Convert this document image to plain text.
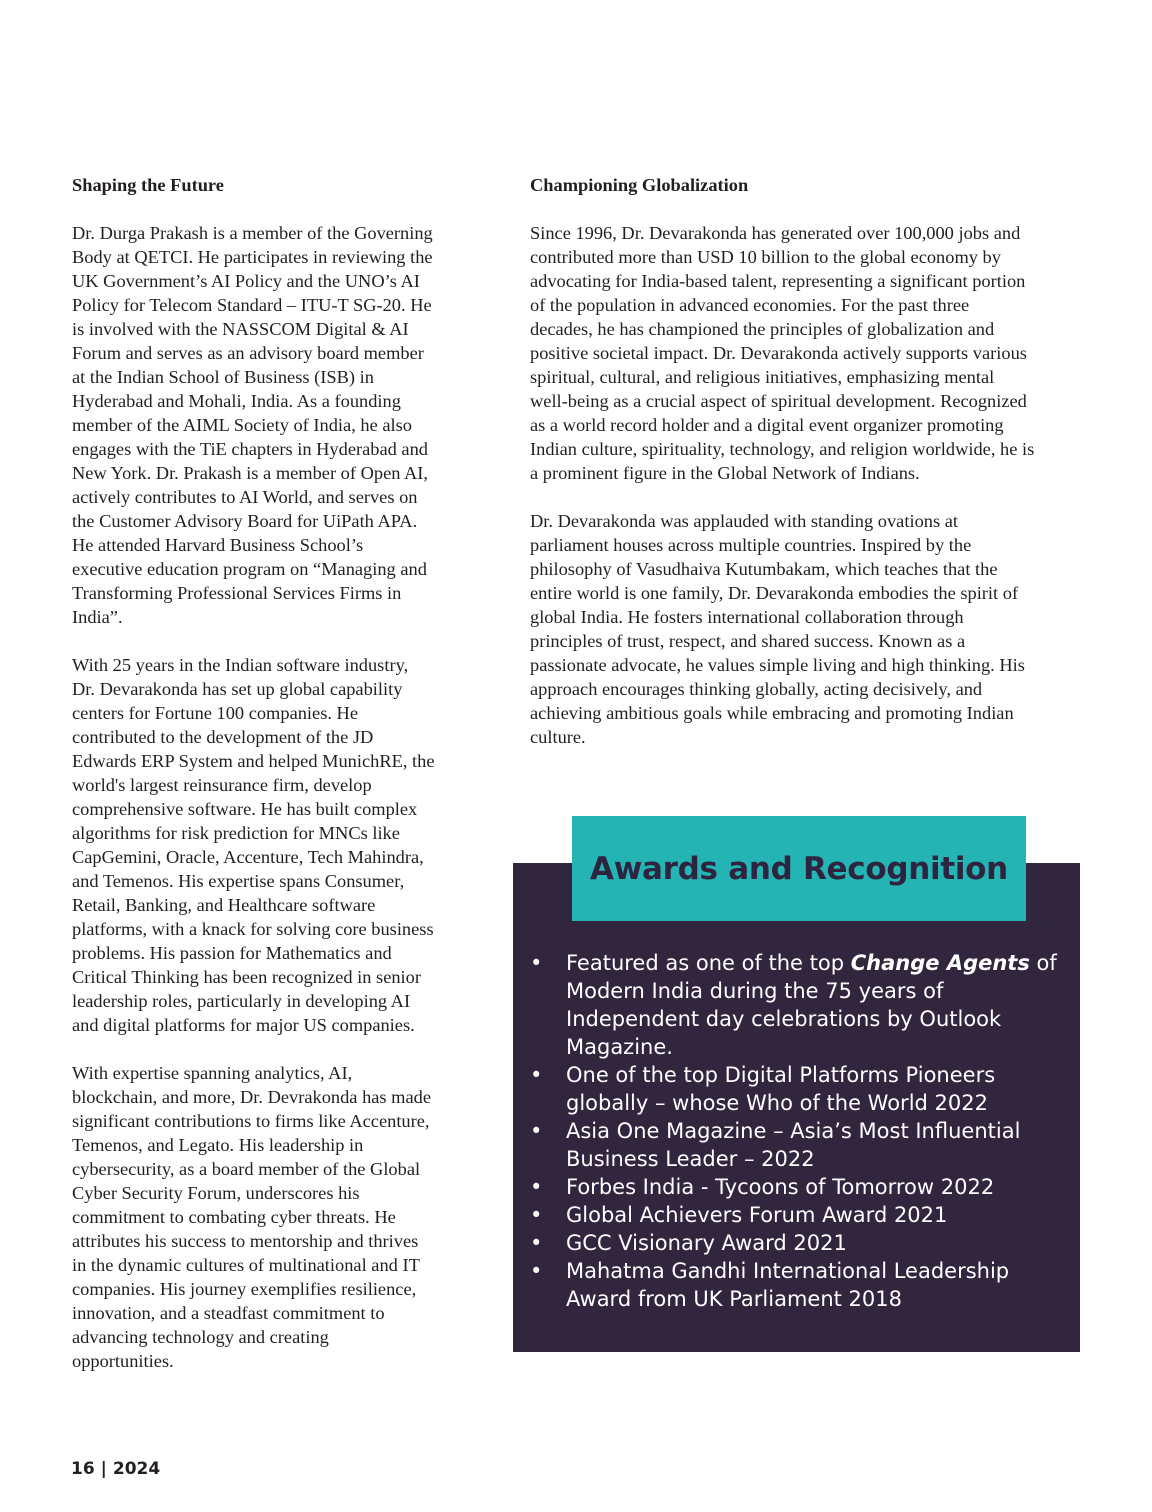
Shaping the Future
Dr. Durga Prakash is a member of the Governing
Body at QETCI. He participates in reviewing the
UK Government’s AI Policy and the UNO’s AI
Policy for Telecom Standard – ITU-T SG-20. He
is involved with the NASSCOM Digital & AI
Forum and serves as an advisory board member
at the Indian School of Business (ISB) in
Hyderabad and Mohali, India. As a founding
member of the AIML Society of India, he also
engages with the TiE chapters in Hyderabad and
New York. Dr. Prakash is a member of Open AI,
actively contributes to AI World, and serves on
the Customer Advisory Board for UiPath APA.
He attended Harvard Business School’s
executive education program on “Managing and
Transforming Professional Services Firms in
India”.
With 25 years in the Indian software industry,
Dr. Devarakonda has set up global capability
centers for Fortune 100 companies. He
contributed to the development of the JD
Edwards ERP System and helped MunichRE, the
world's largest reinsurance firm, develop
comprehensive software. He has built complex
algorithms for risk prediction for MNCs like
CapGemini, Oracle, Accenture, Tech Mahindra,
and Temenos. His expertise spans Consumer,
Retail, Banking, and Healthcare software
platforms, with a knack for solving core business
problems. His passion for Mathematics and
Critical Thinking has been recognized in senior
leadership roles, particularly in developing AI
and digital platforms for major US companies.
With expertise spanning analytics, AI,
blockchain, and more, Dr. Devrakonda has made
significant contributions to firms like Accenture,
Temenos, and Legato. His leadership in
cybersecurity, as a board member of the Global
Cyber Security Forum, underscores his
commitment to combating cyber threats. He
attributes his success to mentorship and thrives
in the dynamic cultures of multinational and IT
companies. His journey exemplifies resilience,
innovation, and a steadfast commitment to
advancing technology and creating
opportunities.
Championing Globalization
Since 1996, Dr. Devarakonda has generated over 100,000 jobs and
contributed more than USD 10 billion to the global economy by
advocating for India-based talent, representing a significant portion
of the population in advanced economies. For the past three
decades, he has championed the principles of globalization and
positive societal impact. Dr. Devarakonda actively supports various
spiritual, cultural, and religious initiatives, emphasizing mental
well-being as a crucial aspect of spiritual development. Recognized
as a world record holder and a digital event organizer promoting
Indian culture, spirituality, technology, and religion worldwide, he is
a prominent figure in the Global Network of Indians.
Dr. Devarakonda was applauded with standing ovations at
parliament houses across multiple countries. Inspired by the
philosophy of Vasudhaiva Kutumbakam, which teaches that the
entire world is one family, Dr. Devarakonda embodies the spirit of
global India. He fosters international collaboration through
principles of trust, respect, and shared success. Known as a
passionate advocate, he values simple living and high thinking. His
approach encourages thinking globally, acting decisively, and
achieving ambitious goals while embracing and promoting Indian
culture.
Awards and Recognition
• Featured as one of the top Change Agents of Modern India during the 75 years of Independent day celebrations by Outlook Magazine.
• One of the top Digital Platforms Pioneers globally – whose Who of the World 2022
• Asia One Magazine – Asia’s Most Influential Business Leader – 2022
• Forbes India - Tycoons of Tomorrow 2022
• Global Achievers Forum Award 2021
• GCC Visionary Award 2021
• Mahatma Gandhi International Leadership Award from UK Parliament 2018
16 | 2024
